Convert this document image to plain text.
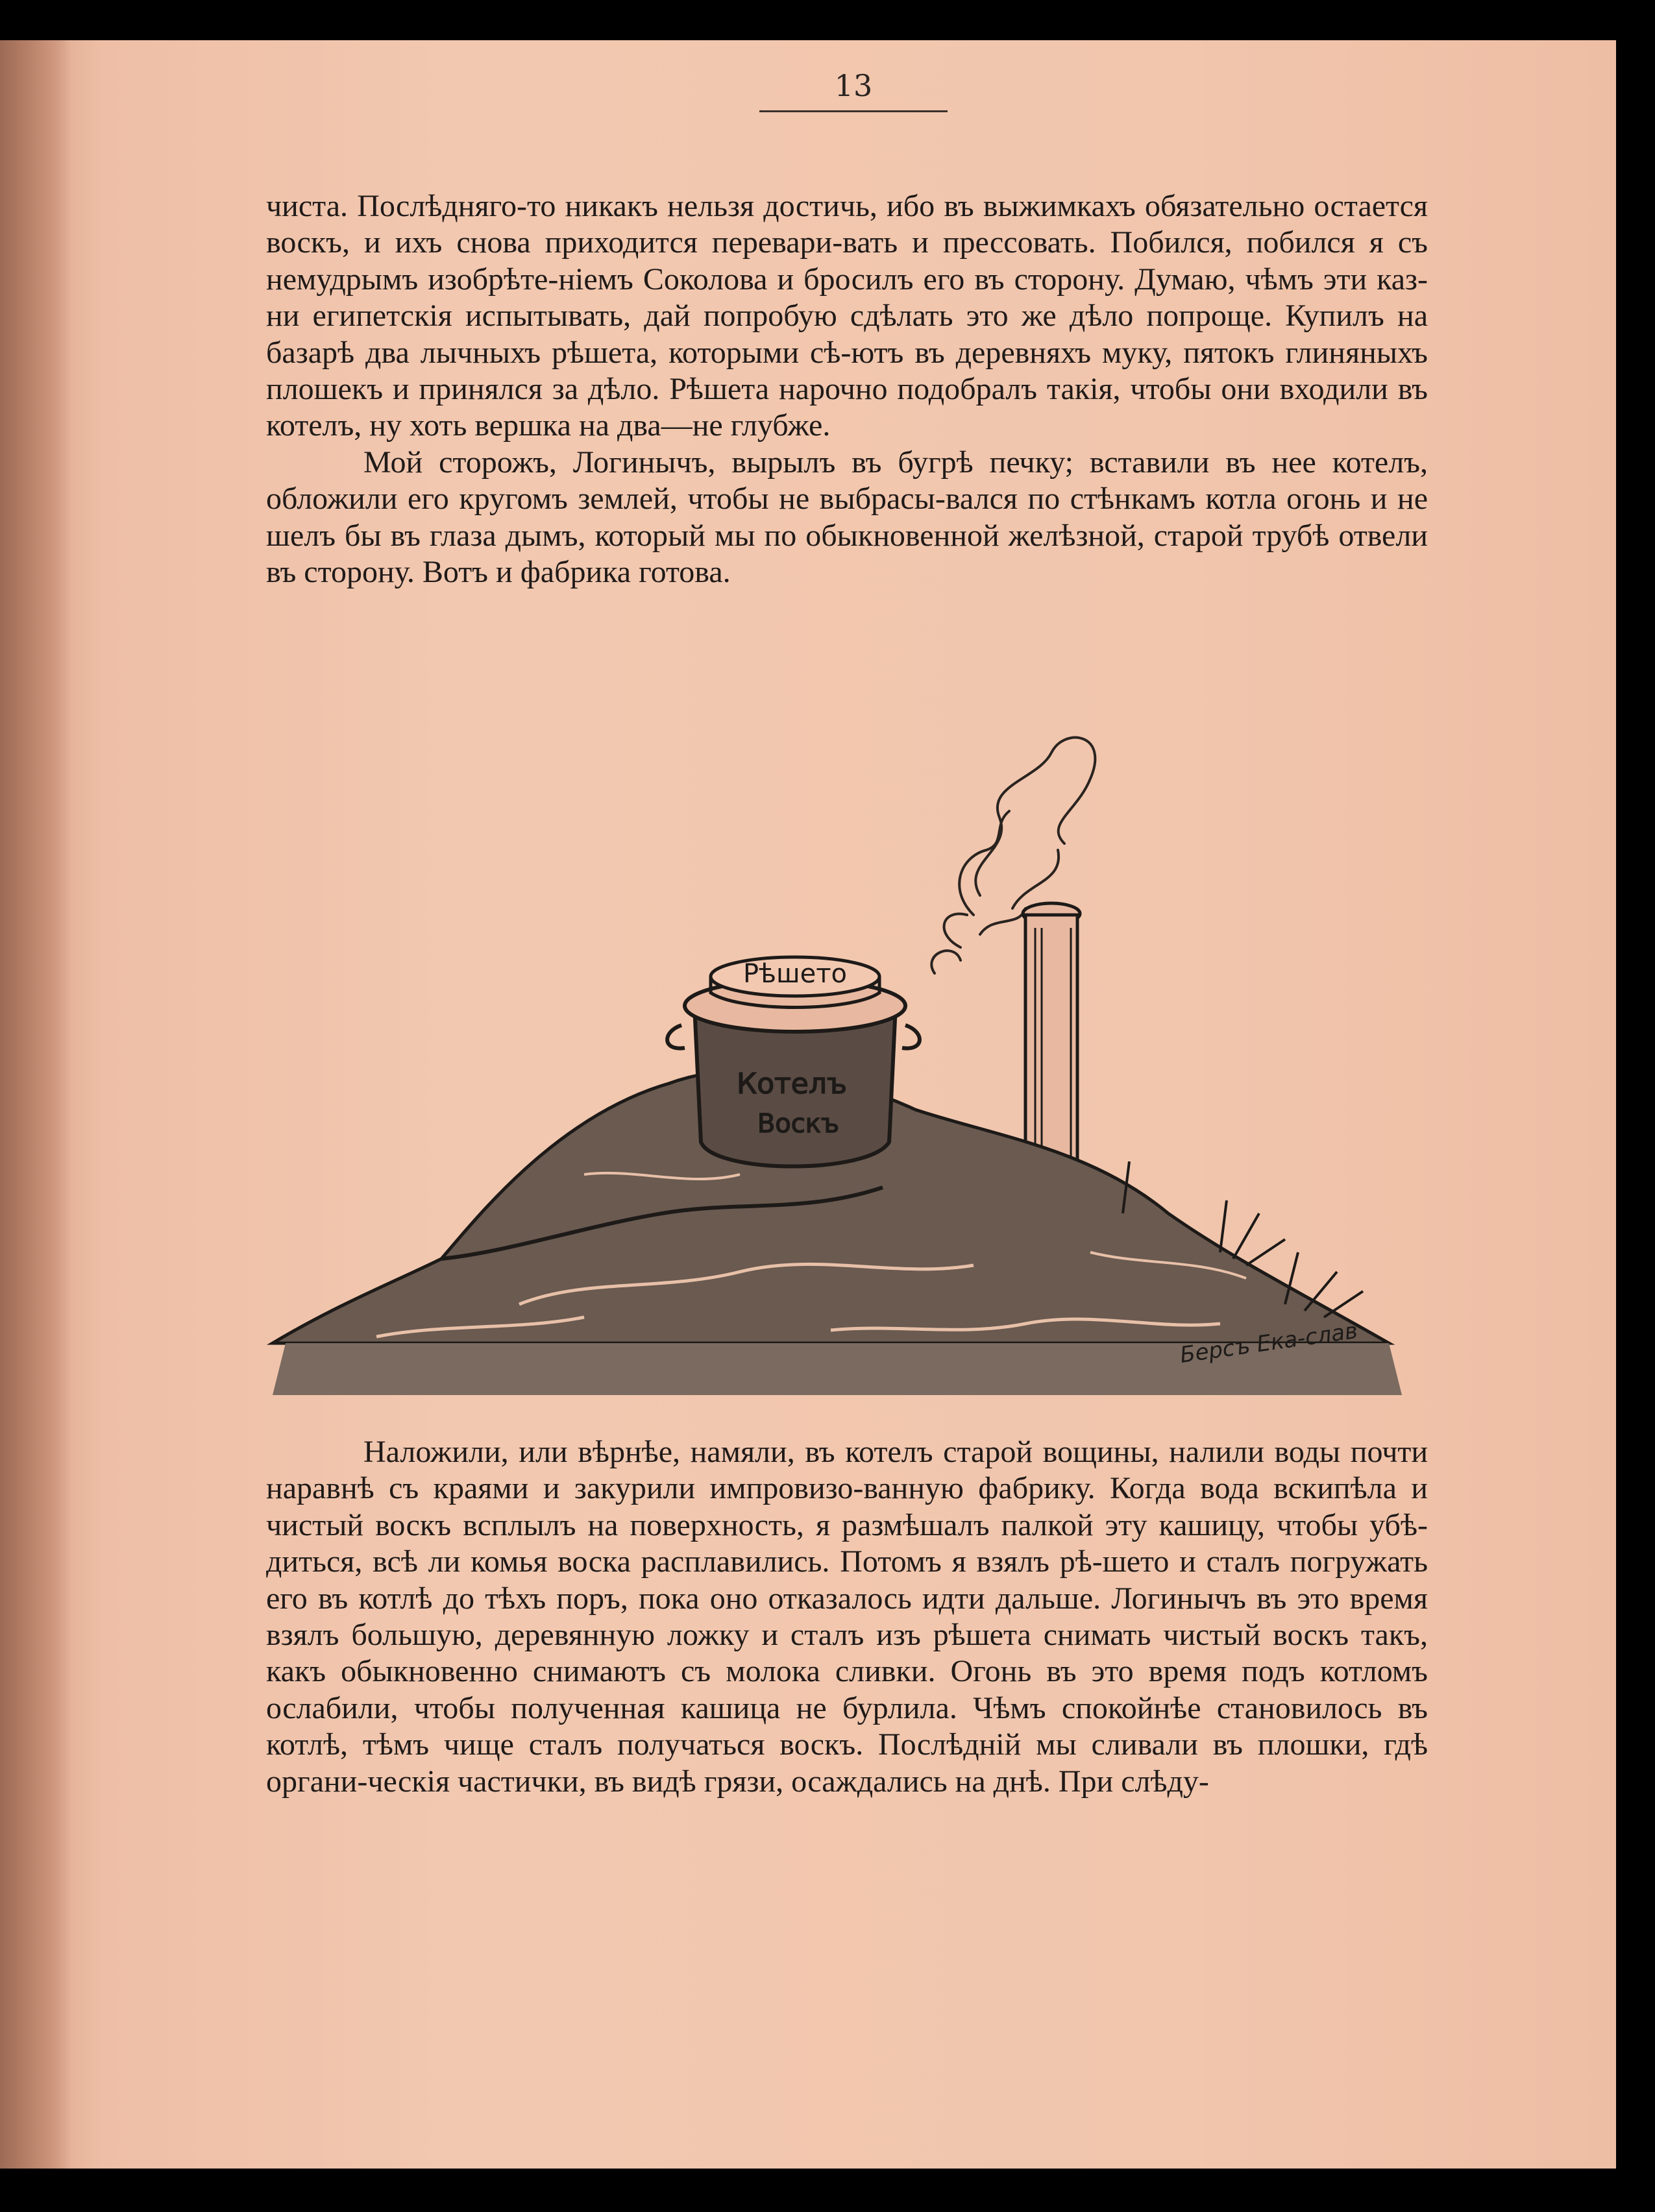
13

чиста. Послѣдняго-то никакъ нельзя достичь, ибо въ выжимкахъ обязательно остается воскъ, и ихъ снова приходится перевари-вать и прессовать. Побился, побился я съ немудрымъ изобрѣте-ніемъ Соколова и бросилъ его въ сторону. Думаю, чѣмъ эти каз-ни египетскія испытывать, дай попробую сдѣлать это же дѣло попроще. Купилъ на базарѣ два лычныхъ рѣшета, которыми сѣ-ютъ въ деревняхъ муку, пятокъ глиняныхъ плошекъ и принялся за дѣло. Рѣшета нарочно подобралъ такія, чтобы они входили въ котелъ, ну хоть вершка на два—не глубже.

Мой сторожъ, Логинычъ, вырылъ въ бугрѣ печку; вставили въ нее котелъ, обложили его кругомъ землей, чтобы не выбрасы-вался по стѣнкамъ котла огонь и не шелъ бы въ глаза дымъ, который мы по обыкновенной желѣзной, старой трубѣ отвели въ сторону. Вотъ и фабрика готова.

Рѣшето
Котелъ
Воскъ
Берсъ Ека-слав

Наложили, или вѣрнѣе, намяли, въ котелъ старой вощины, налили воды почти наравнѣ съ краями и закурили импровизо-ванную фабрику. Когда вода вскипѣла и чистый воскъ всплылъ на поверхность, я размѣшалъ палкой эту кашицу, чтобы убѣ-диться, всѣ ли комья воска расплавились. Потомъ я взялъ рѣ-шето и сталъ погружать его въ котлѣ до тѣхъ поръ, пока оно отказалось идти дальше. Логинычъ въ это время взялъ большую, деревянную ложку и сталъ изъ рѣшета снимать чистый воскъ такъ, какъ обыкновенно снимаютъ съ молока сливки. Огонь въ это время подъ котломъ ослабили, чтобы полученная кашица не бурлила. Чѣмъ спокойнѣе становилось въ котлѣ, тѣмъ чище сталъ получаться воскъ. Послѣдній мы сливали въ плошки, гдѣ органи-ческія частички, въ видѣ грязи, осаждались на днѣ. При слѣду-
